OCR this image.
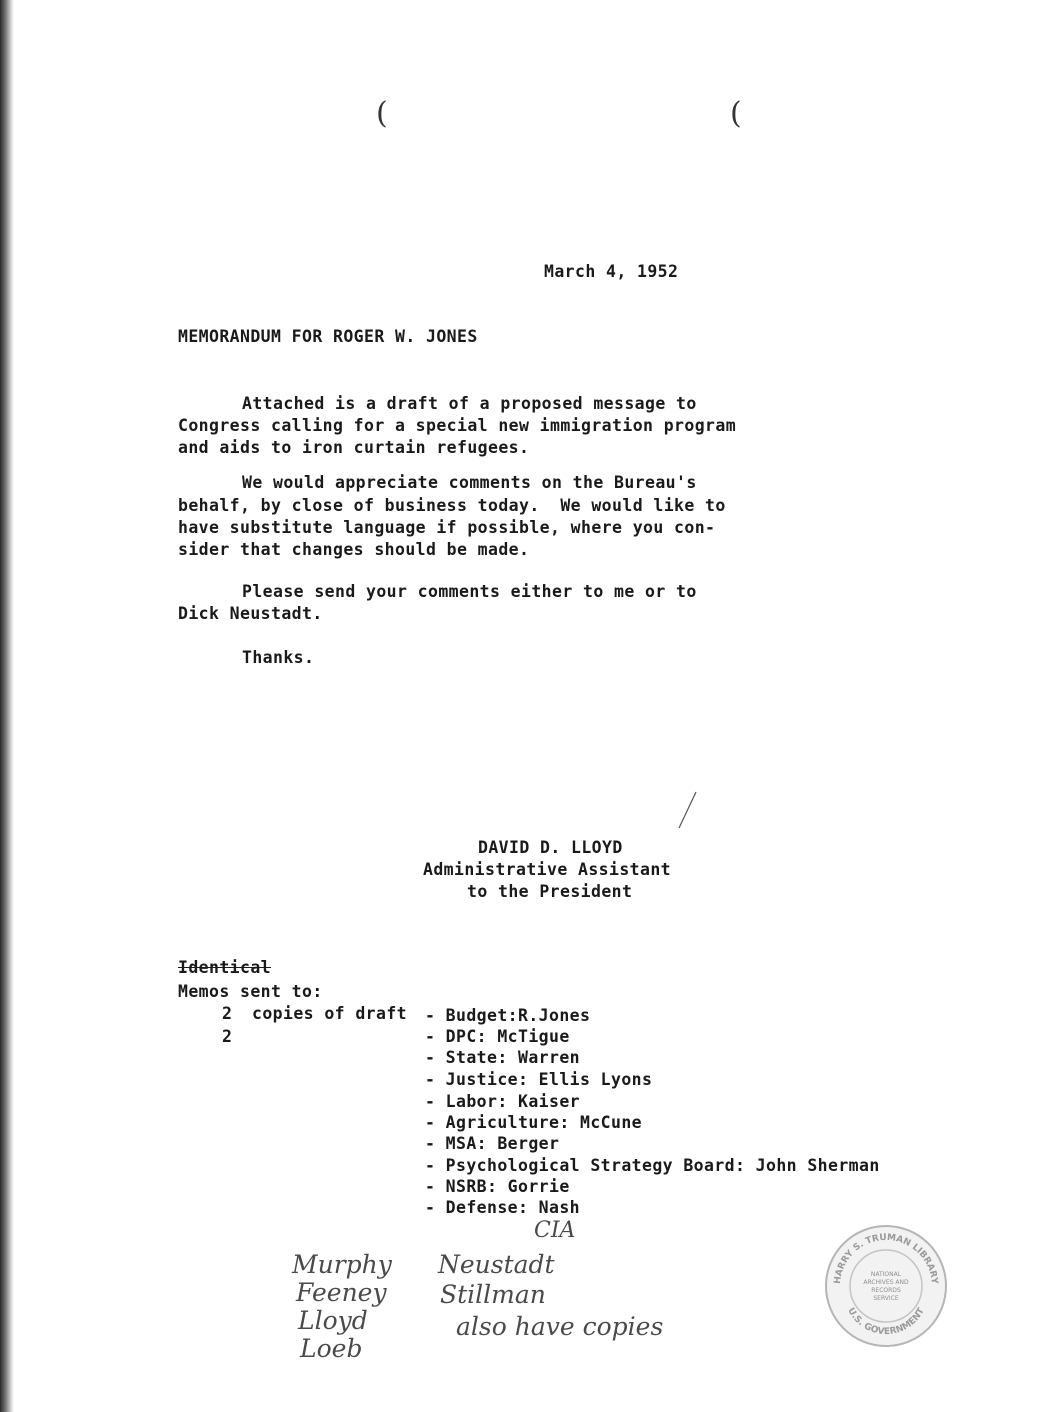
(	(
March 4, 1952
MEMORANDUM FOR ROGER W. JONES
Attached is a draft of a proposed message to
Congress calling for a special new immigration program
and aids to iron curtain refugees.
We would appreciate comments on the Bureau's
behalf, by close of business today.  We would like to
have substitute language if possible, where you con-
sider that changes should be made.
Please send your comments either to me or to
Dick Neustadt.
Thanks.
DAVID D. LLOYD
Administrative Assistant
to the President
Identical
Memos sent to:
2 copies of draft
2
- Budget:R.Jones
- DPC: McTigue
- State: Warren
- Justice: Ellis Lyons
- Labor: Kaiser
- Agriculture: McCune
- MSA: Berger
- Psychological Strategy Board: John Sherman
- NSRB: Gorrie
- Defense: Nash
CIA
Murphy
Feeney
Lloyd
Loeb
Neustadt
Stillman
also have copies
HARRY S. TRUMAN LIBRARY
U.S. GOVERNMENT
NATIONAL
ARCHIVES AND
RECORDS
SERVICE
